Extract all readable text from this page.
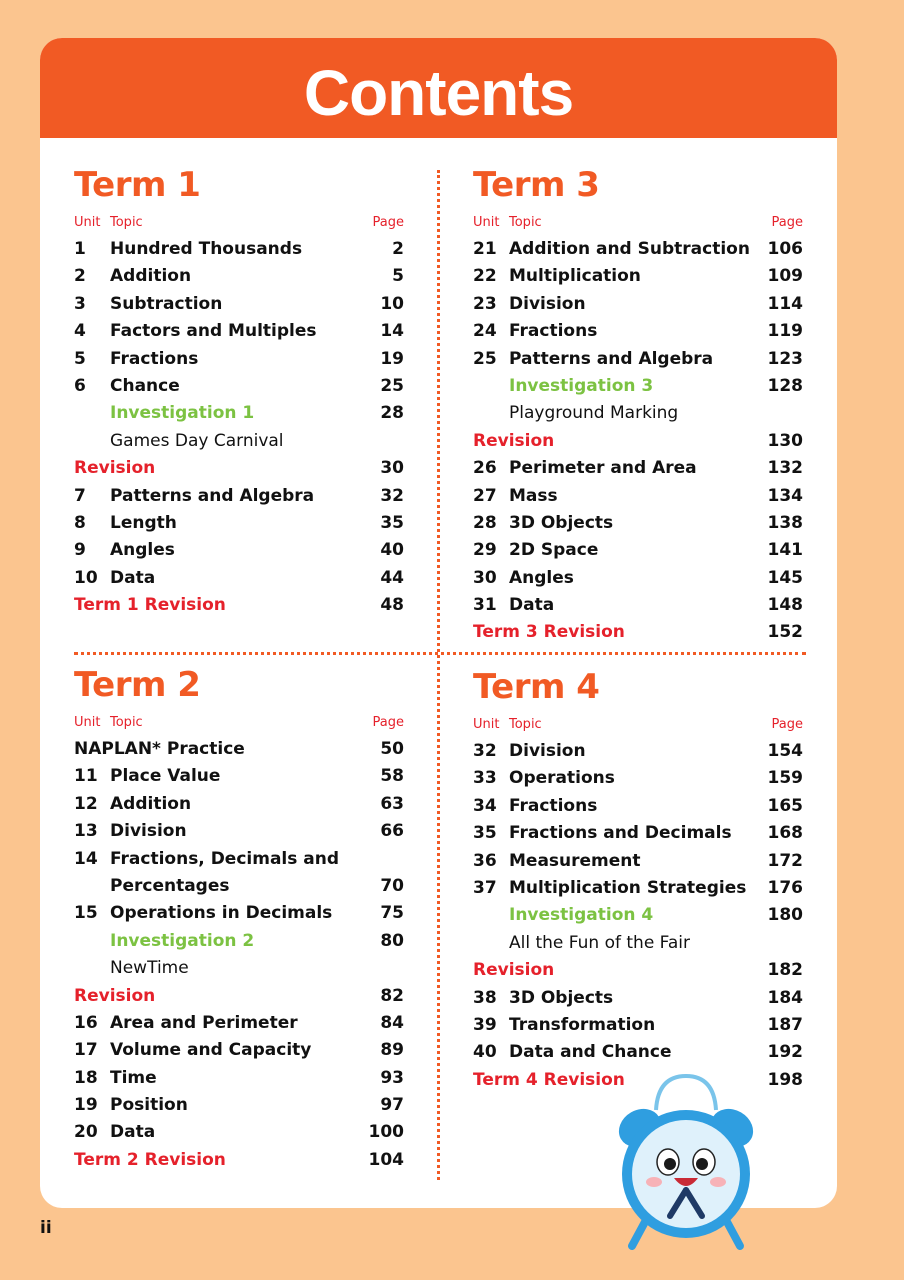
Contents
Term 1
Unit Topic	Page
1 Hundred Thousands	2
2 Addition	5
3 Subtraction	10
4 Factors and Multiples	14
5 Fractions	19
6 Chance	25
Investigation 1	28
Games Day Carnival
Revision	30
7 Patterns and Algebra	32
8 Length	35
9 Angles	40
10 Data	44
Term 1 Revision	48
Term 3
Unit Topic	Page
21 Addition and Subtraction 106
22 Multiplication	109
23 Division	114
24 Fractions	119
25 Patterns and Algebra	123
Investigation 3	128
Playground Marking
Revision	130
26 Perimeter and Area	132
27 Mass	134
28 3D Objects	138
29 2D Space	141
30 Angles	145
31 Data	148
Term 3 Revision	152
Term 2
Unit Topic	Page
NAPLAN* Practice	50
11 Place Value	58
12 Addition	63
13 Division	66
14 Fractions, Decimals and
Percentages	70
15 Operations in Decimals	75
Investigation 2	80
NewTime
Revision	82
16 Area and Perimeter	84
17 Volume and Capacity	89
18 Time	93
19 Position	97
20 Data	100
Term 2 Revision	104
Term 4
Unit Topic	Page
32 Division	154
33 Operations	159
34 Fractions	165
35 Fractions and Decimals 168
36 Measurement	172
37 Multiplication Strategies 176
Investigation 4	180
All the Fun of the Fair
Revision	182
38 3D Objects	184
39 Transformation	187
40 Data and Chance	192
Term 4 Revision	198
ii
